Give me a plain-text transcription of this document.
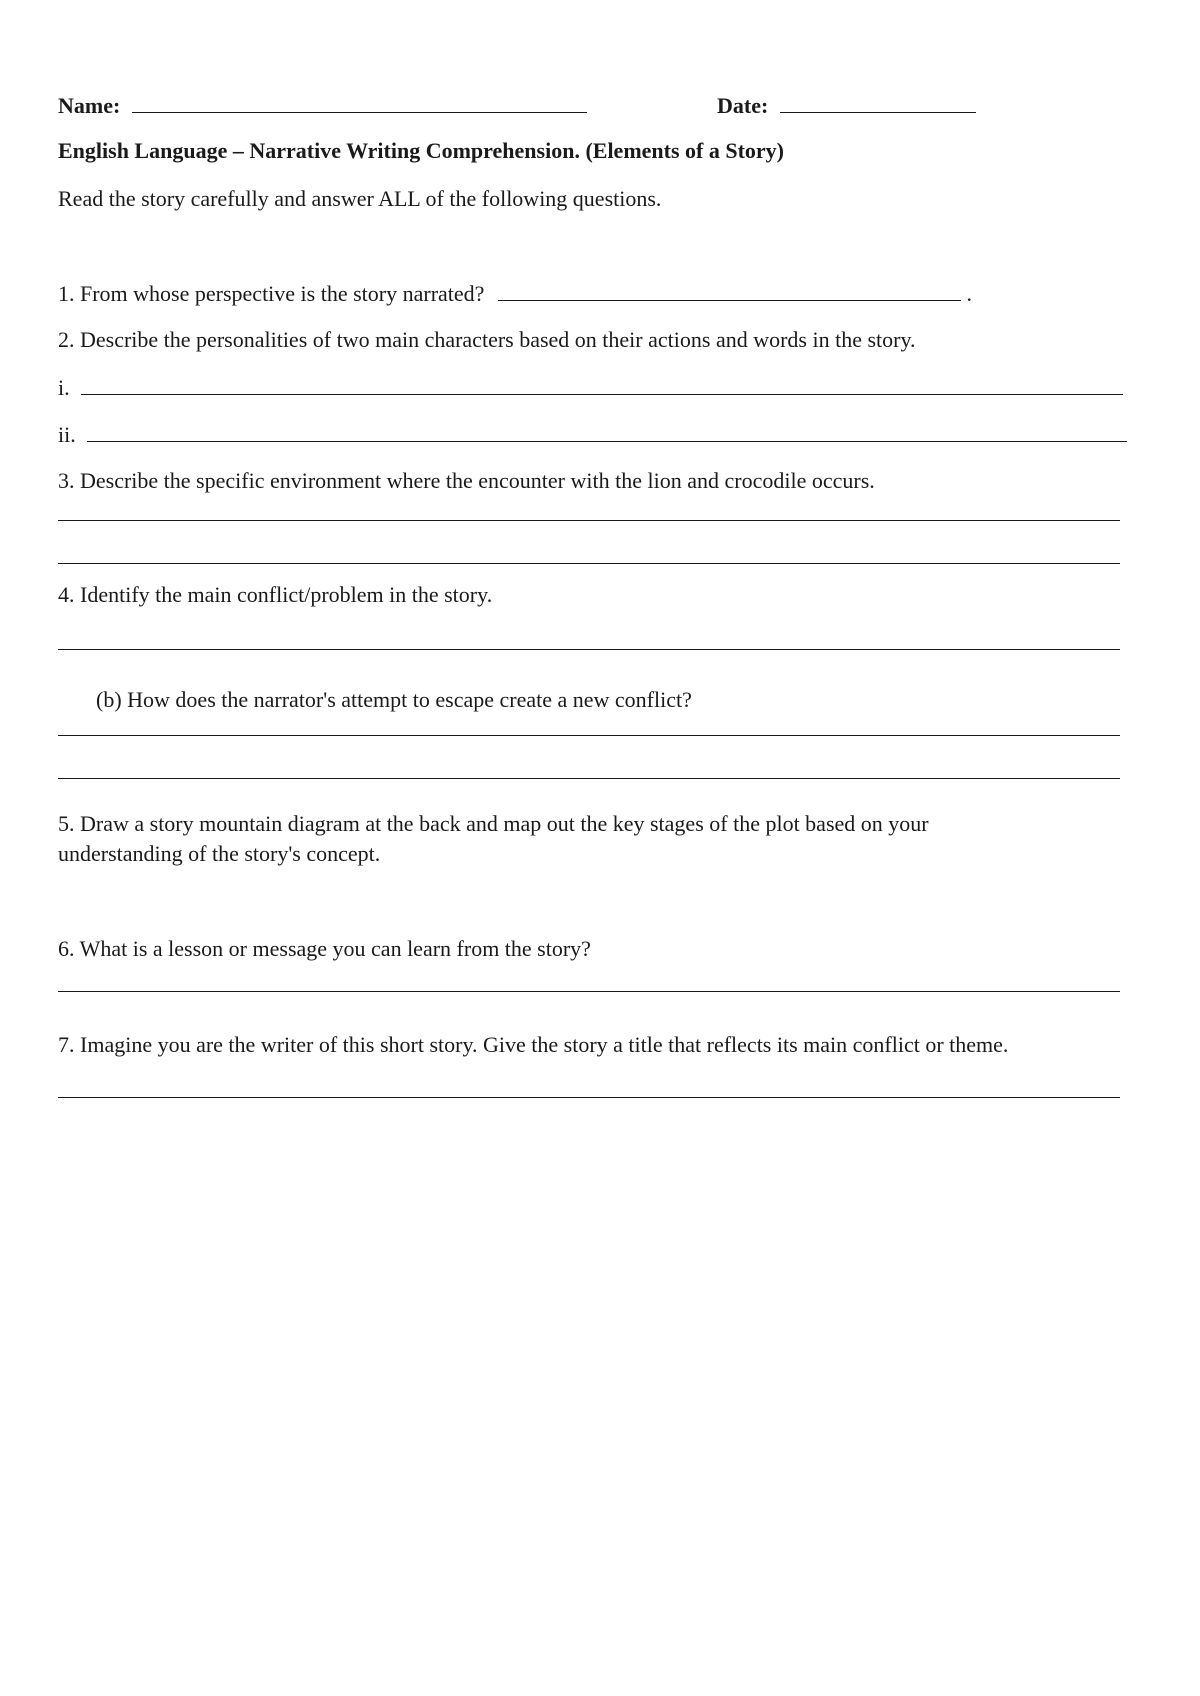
Name:	Date:
English Language – Narrative Writing Comprehension. (Elements of a Story)
Read the story carefully and answer ALL of the following questions.
1. From whose perspective is the story narrated?	.
2. Describe the personalities of two main characters based on their actions and words in the story.
i.
ii.
3. Describe the specific environment where the encounter with the lion and crocodile occurs.
4. Identify the main conflict/problem in the story.
(b) How does the narrator's attempt to escape create a new conflict?
5. Draw a story mountain diagram at the back and map out the key stages of the plot based on your understanding of the story's concept.
6. What is a lesson or message you can learn from the story?
7. Imagine you are the writer of this short story. Give the story a title that reflects its main conflict or theme.
